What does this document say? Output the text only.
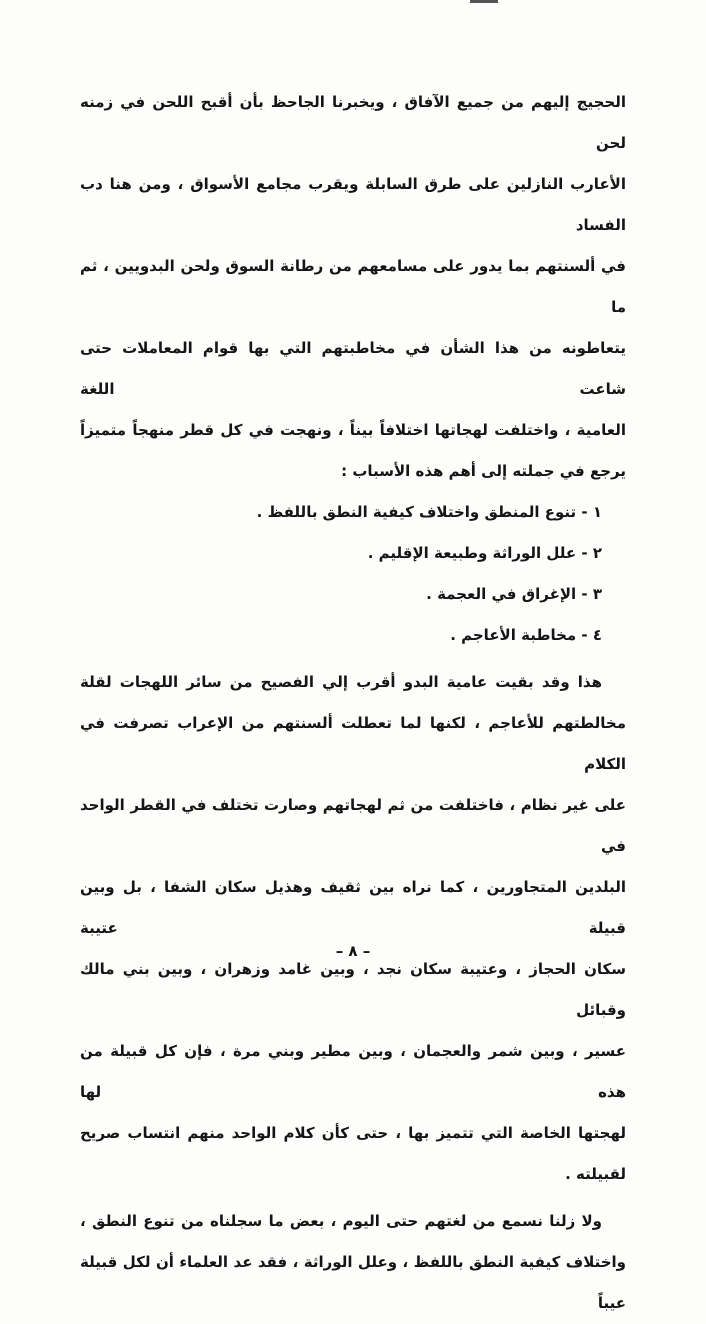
الحجيج إليهم من جميع الآفاق ، ويخبرنا الجاحظ بأن أقبح اللحن في زمنه لحن
الأعارب النازلين على طرق السابلة ويقرب مجامع الأسواق ، ومن هنا دب الفساد
في ألسنتهم بما يدور على مسامعهم من رطانة السوق ولحن البدويين ، ثم ما
يتعاطونه من هذا الشأن في مخاطبتهم التي بها قوام المعاملات حتى شاعت اللغة
العامية ، واختلفت لهجاتها اختلافاً بيناً ، ونهجت في كل قطر منهجاً متميزاً
يرجع في جملته إلى أهم هذه الأسباب :
١ - تنوع المنطق واختلاف كيفية النطق باللفظ .
٢ - علل الوراثة وطبيعة الإقليم .
٣ - الإغراق في العجمة .
٤ - مخاطبة الأعاجم .
هذا وقد بقيت عامية البدو أقرب إلي الفصيح من سائر اللهجات لقلة
مخالطتهم للأعاجم ، لكنها لما تعطلت ألسنتهم من الإعراب تصرفت في الكلام
على غير نظام ، فاختلفت من ثم لهجاتهم وصارت تختلف في القطر الواحد في
البلدين المتجاورين ، كما نراه بين ثقيف وهذيل سكان الشفا ، بل وبين قبيلة عتيبة
سكان الحجاز ، وعتيبة سكان نجد ، وبين غامد وزهران ، وبين بني مالك وقبائل
عسير ، وبين شمر والعجمان ، وبين مطير وبني مرة ، فإن كل قبيلة من هذه لها
لهجتها الخاصة التي تتميز بها ، حتى كأن كلام الواحد منهم انتساب صريح
لقبيلته .
ولا زلنا نسمع من لغتهم حتى اليوم ، بعض ما سجلناه من تنوع النطق ،
واختلاف كيفية النطق باللفظ ، وعلل الوراثة ، فقد عد العلماء أن لكل قبيلة عيباً
– ٨ –
